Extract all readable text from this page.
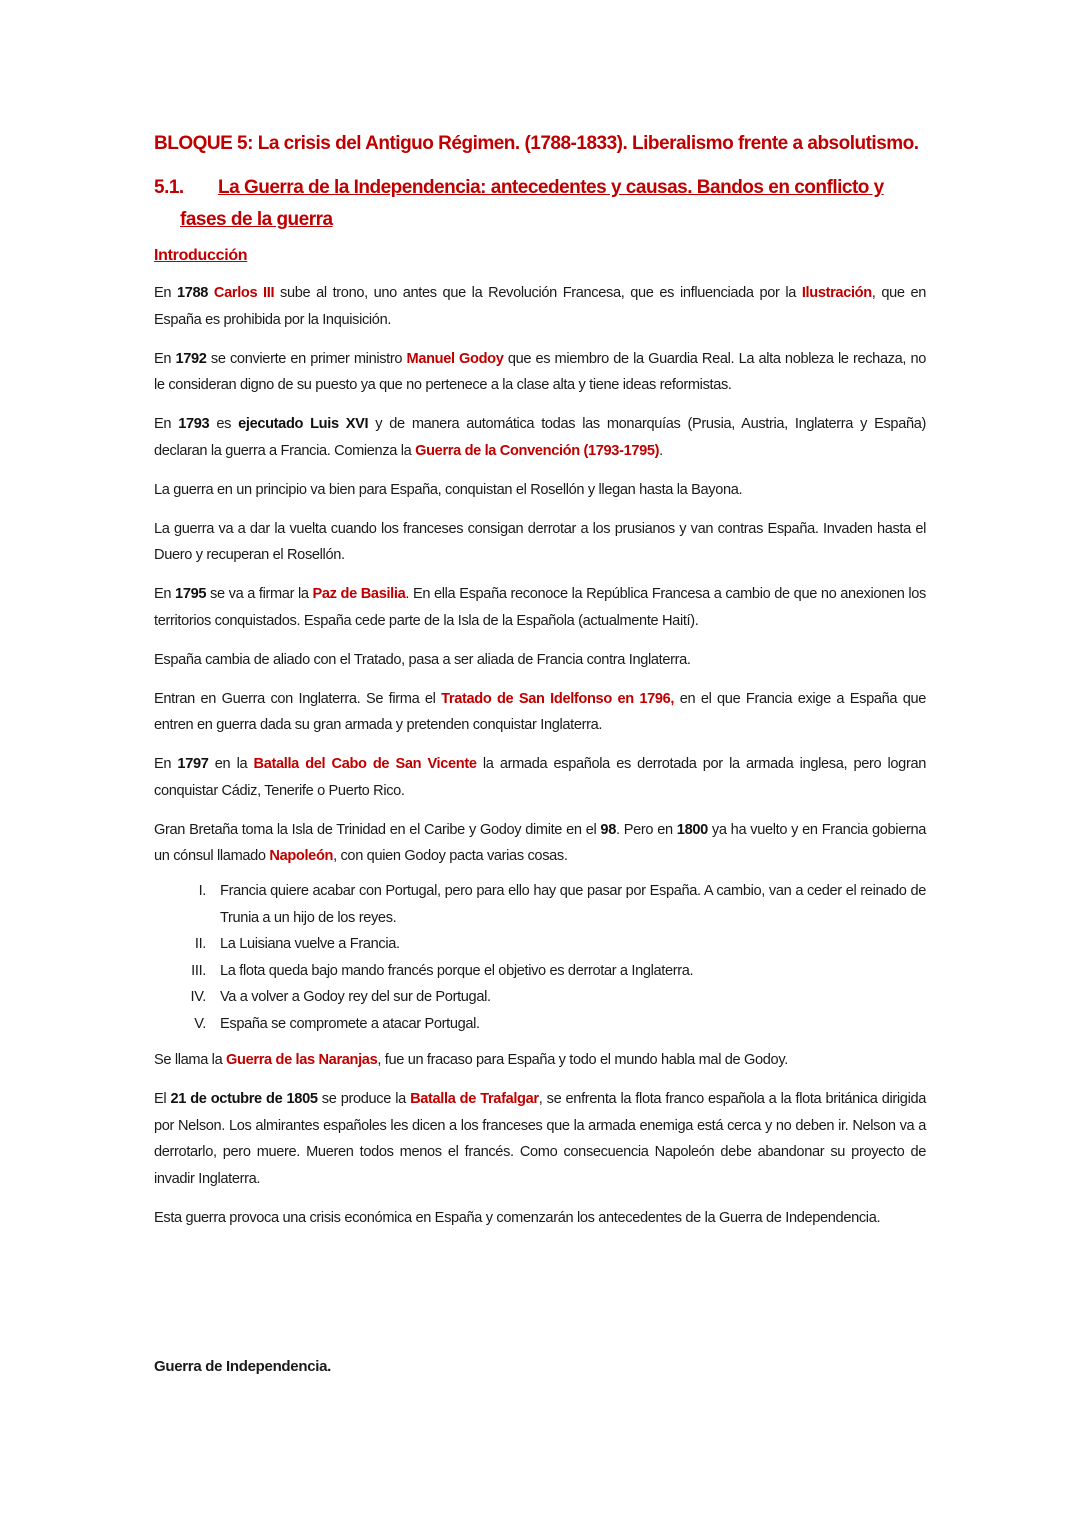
BLOQUE 5: La crisis del Antiguo Régimen. (1788-1833). Liberalismo frente a absolutismo.
5.1. La Guerra de la Independencia: antecedentes y causas. Bandos en conflicto y fases de la guerra
Introducción

En 1788 Carlos III sube al trono, uno antes que la Revolución Francesa, que es influenciada por la Ilustración, que en España es prohibida por la Inquisición.

En 1792 se convierte en primer ministro Manuel Godoy que es miembro de la Guardia Real. La alta nobleza le rechaza, no le consideran digno de su puesto ya que no pertenece a la clase alta y tiene ideas reformistas.

En 1793 es ejecutado Luis XVI y de manera automática todas las monarquías (Prusia, Austria, Inglaterra y España) declaran la guerra a Francia. Comienza la Guerra de la Convención (1793-1795).

La guerra en un principio va bien para España, conquistan el Rosellón y llegan hasta la Bayona.

La guerra va a dar la vuelta cuando los franceses consigan derrotar a los prusianos y van contras España. Invaden hasta el Duero y recuperan el Rosellón.

En 1795 se va a firmar la Paz de Basilia. En ella España reconoce la República Francesa a cambio de que no anexionen los territorios conquistados. España cede parte de la Isla de la Española (actualmente Haití).

España cambia de aliado con el Tratado, pasa a ser aliada de Francia contra Inglaterra.

Entran en Guerra con Inglaterra. Se firma el Tratado de San Idelfonso en 1796, en el que Francia exige a España que entren en guerra dada su gran armada y pretenden conquistar Inglaterra.

En 1797 en la Batalla del Cabo de San Vicente la armada española es derrotada por la armada inglesa, pero logran conquistar Cádiz, Tenerife o Puerto Rico.

Gran Bretaña toma la Isla de Trinidad en el Caribe y Godoy dimite en el 98. Pero en 1800 ya ha vuelto y en Francia gobierna un cónsul llamado Napoleón, con quien Godoy pacta varias cosas.

I. Francia quiere acabar con Portugal, pero para ello hay que pasar por España. A cambio, van a ceder el reinado de Trunia a un hijo de los reyes.
II. La Luisiana vuelve a Francia.
III. La flota queda bajo mando francés porque el objetivo es derrotar a Inglaterra.
IV. Va a volver a Godoy rey del sur de Portugal.
V. España se compromete a atacar Portugal.

Se llama la Guerra de las Naranjas, fue un fracaso para España y todo el mundo habla mal de Godoy.

El 21 de octubre de 1805 se produce la Batalla de Trafalgar, se enfrenta la flota franco española a la flota británica dirigida por Nelson. Los almirantes españoles les dicen a los franceses que la armada enemiga está cerca y no deben ir. Nelson va a derrotarlo, pero muere. Mueren todos menos el francés. Como consecuencia Napoleón debe abandonar su proyecto de invadir Inglaterra.

Esta guerra provoca una crisis económica en España y comenzarán los antecedentes de la Guerra de Independencia.

Guerra de Independencia.
